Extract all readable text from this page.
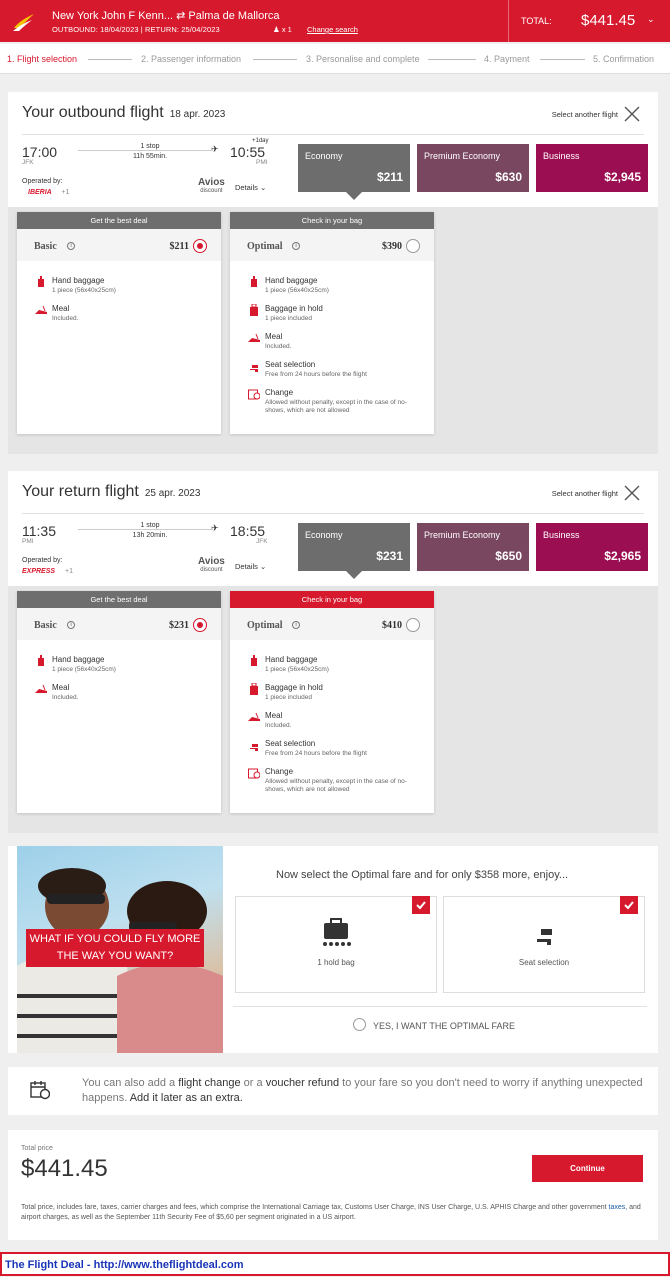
New York John F Kenn... ⇄ Palma de Mallorca
OUTBOUND: 18/04/2023 | RETURN: 25/04/2023	♟ x 1 Change search
TOTAL: $441.45 ⌄
1. Flight selection	2. Passenger information	3. Personalise and complete	4. Payment	5. Confirmation
Your outbound flight 18 apr. 2023	Select another flight
17:00
JFK
1 stop
11h 55min.
✈
+1day
10:55
PMI
Operated by:
IBERIA +1
Avios
discount	Details ⌄
Economy
$211
Premium Economy
$630
Business
$2,945
Get the best deal
Basic	i	$211
Hand baggage
1 piece (56x40x25cm)
Meal
Included.
Check in your bag
Optimal	i	$390
Hand baggage
1 piece (56x40x25cm)
Baggage in hold
1 piece included
Meal
Included.
Seat selection
Free from 24 hours before the flight
Change
Allowed without penalty, except in the case of no-shows, which are not allowed
Your return flight 25 apr. 2023	Select another flight
11:35
PMI
1 stop
13h 20min.
✈ 18:55
JFK
Operated by:
EXPRESS +1
Avios
discount	Details ⌄
Economy
$231
Premium Economy
$650
Business
$2,965
Get the best deal
Basic	i	$231
Hand baggage
1 piece (56x40x25cm)
Meal
Included.
Check in your bag
Optimal	i	$410
Hand baggage
1 piece (56x40x25cm)
Baggage in hold
1 piece included
Meal
Included.
Seat selection
Free from 24 hours before the flight
Change
Allowed without penalty, except in the case of no-shows, which are not allowed
WHAT IF YOU COULD FLY MORE
THE WAY YOU WANT?
Now select the Optimal fare and for only $358 more, enjoy...
1 hold bag	Seat selection
YES, I WANT THE OPTIMAL FARE
You can also add a flight change or a voucher refund to your fare so you don't need to worry if anything unexpected happens. Add it later as an extra.
Total price
$441.45	Continue
Total price, includes fare, taxes, carrier charges and fees, which comprise the International Carriage tax, Customs User Charge, INS User Charge, U.S. APHIS Charge and other government taxes, and airport charges, as well as the September 11th Security Fee of $5,60 per segment originated in a US airport.
The Flight Deal - http://www.theflightdeal.com
